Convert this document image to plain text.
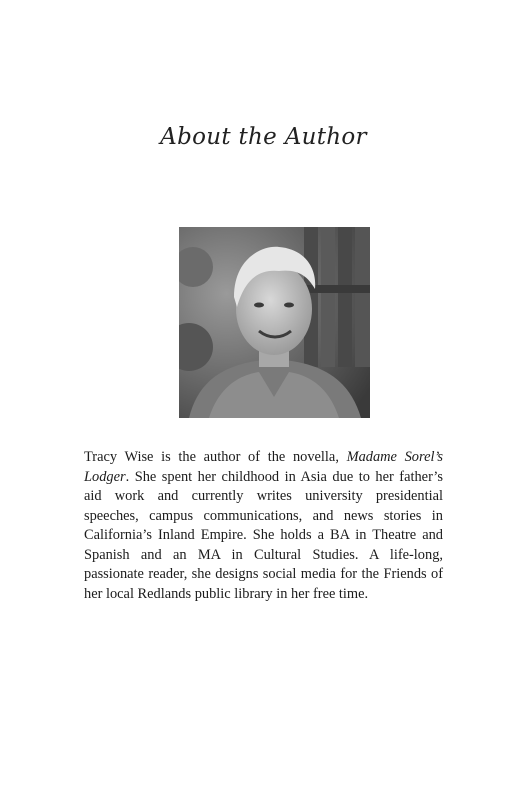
About the Author
Tracy Wise is the author of the novella, Madame Sorel’s Lodger. She spent her childhood in Asia due to her father’s aid work and currently writes university presidential speeches, campus communications, and news stories in California’s Inland Empire. She holds a BA in Theatre and Spanish and an MA in Cultural Studies. A life-long, passionate reader, she designs social media for the Friends of her local Redlands public library in her free time.
